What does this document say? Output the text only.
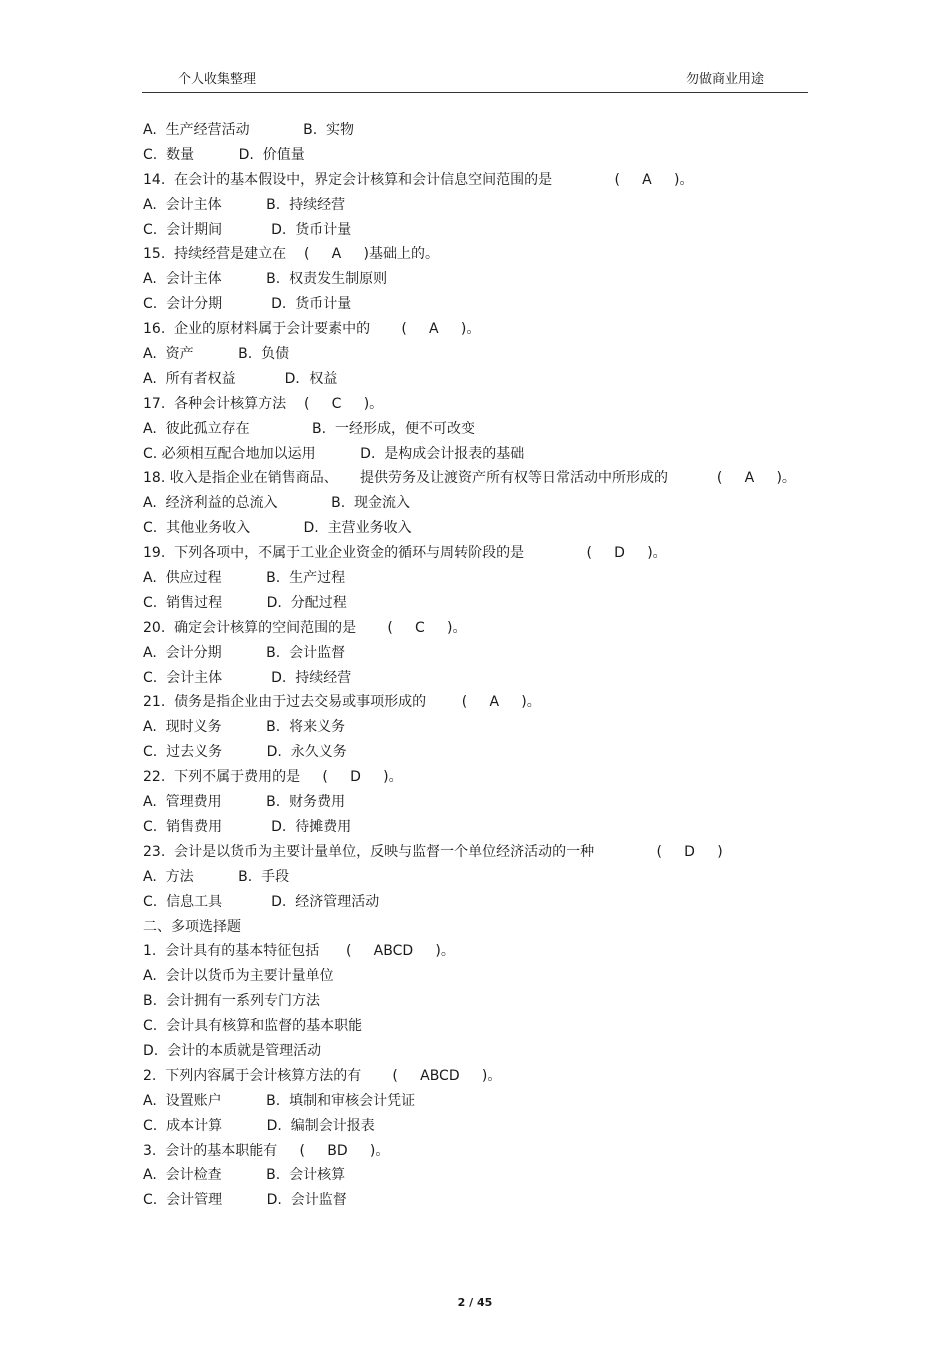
个人收集整理	勿做商业用途
A.  生产经营活动            B.  实物
C.  数量          D.  价值量
14.  在会计的基本假设中，界定会计核算和会计信息空间范围的是              (     A     )。
A.  会计主体          B.  持续经营
C.  会计期间           D.  货币计量
15.  持续经营是建立在    (     A     )基础上的。
A.  会计主体          B.  权责发生制原则
C.  会计分期           D.  货币计量
16.  企业的原材料属于会计要素中的       (     A     )。
A.  资产          B.  负债
A.  所有者权益           D．权益
17.  各种会计核算方法    (     C     )。
A.  彼此孤立存在              B.  一经形成，便不可改变
C. 必须相互配合地加以运用          D.  是构成会计报表的基础
18. 收入是指企业在销售商品、     提供劳务及让渡资产所有权等日常活动中所形成的           (     A     )。
A.  经济利益的总流入            B.  现金流入
C.  其他业务收入            D.  主营业务收入
19.  下列各项中，不属于工业企业资金的循环与周转阶段的是              (     D     )。
A.  供应过程          B.  生产过程
C.  销售过程          D.  分配过程
20.  确定会计核算的空间范围的是       (     C     )。
A.  会计分期          B.  会计监督
C.  会计主体           D.  持续经营
21.  债务是指企业由于过去交易或事项形成的        (     A     )。
A.  现时义务          B.  将来义务
C.  过去义务          D.  永久义务
22.  下列不属于费用的是     (     D     )。
A.  管理费用          B.  财务费用
C.  销售费用           D.  待摊费用
23.  会计是以货币为主要计量单位，反映与监督一个单位经济活动的一种              (     D     )
A.  方法          B.  手段
C.  信息工具           D.  经济管理活动
二、多项选择题
1.  会计具有的基本特征包括      (     ABCD     )。
A.  会计以货币为主要计量单位
B.  会计拥有一系列专门方法
C.  会计具有核算和监督的基本职能
D.  会计的本质就是管理活动
2.  下列内容属于会计核算方法的有       (     ABCD     )。
A.  设置账户          B.  填制和审核会计凭证
C.  成本计算          D.  编制会计报表
3.  会计的基本职能有     (     BD     )。
A.  会计检查          B.  会计核算
C.  会计管理          D.  会计监督
2 / 45
